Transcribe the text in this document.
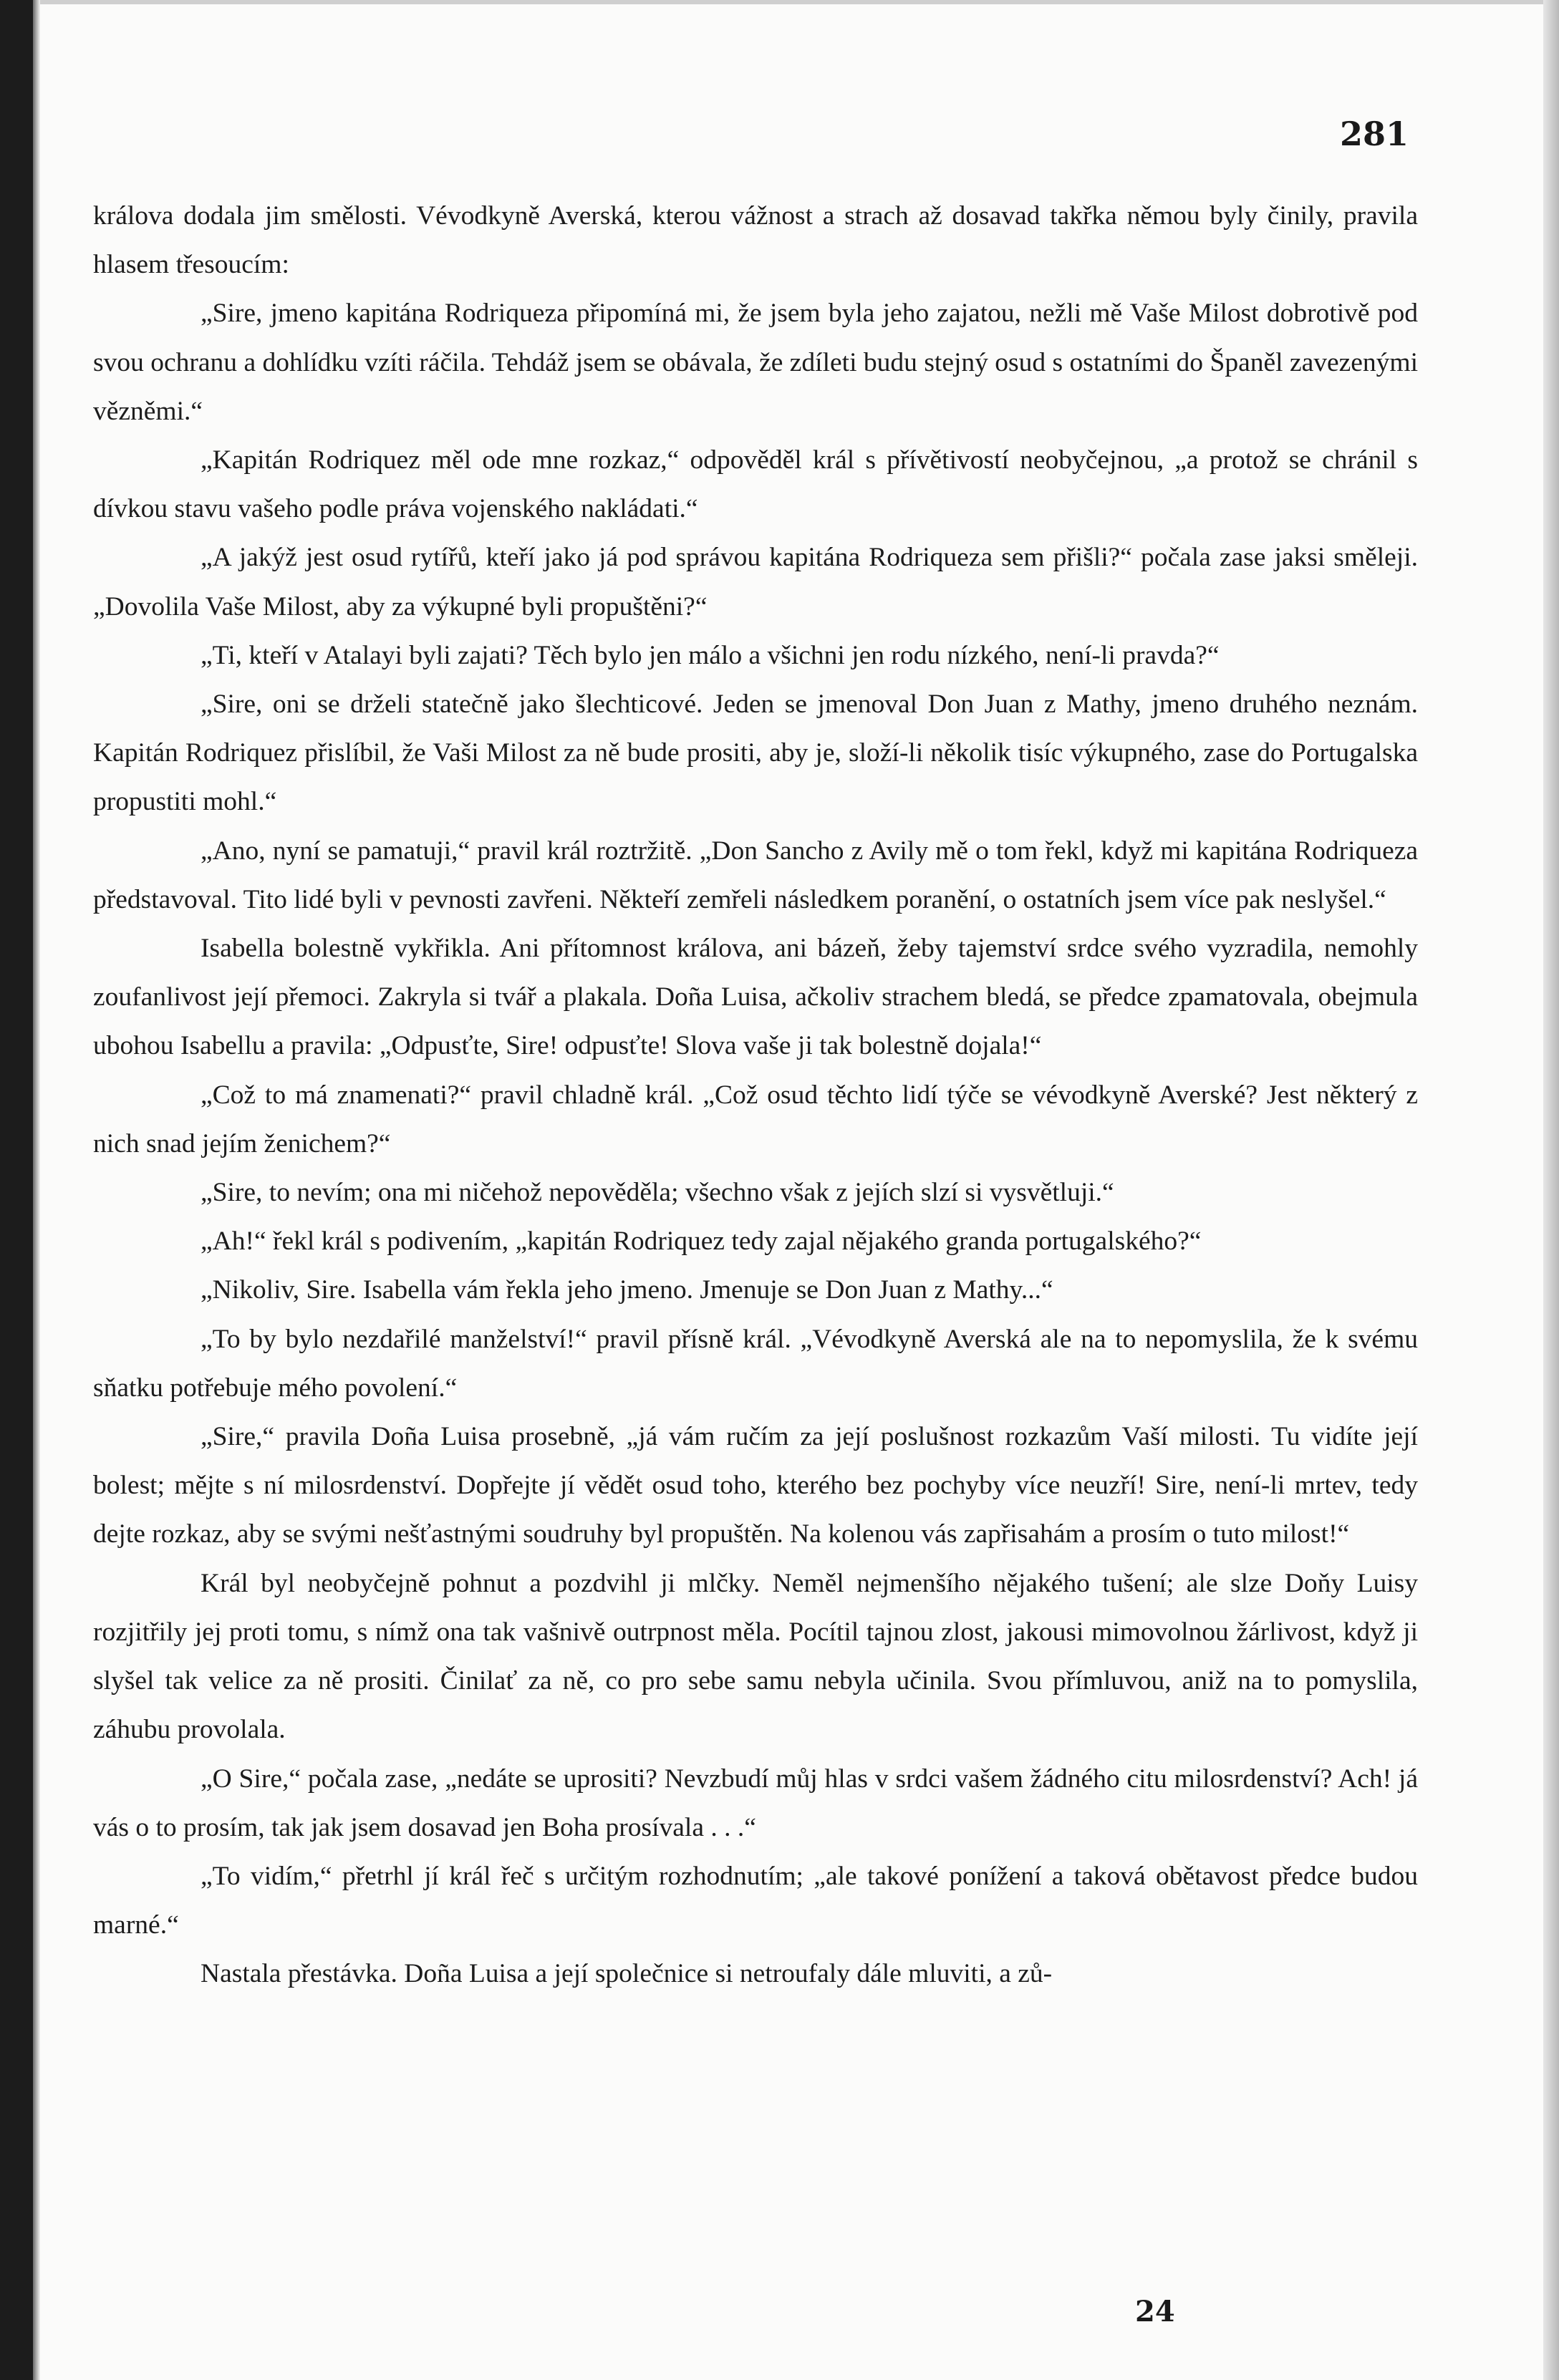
281

králova dodala jim smělosti. Vévodkyně Averská, kterou vážnost a strach až dosavad takřka němou byly činily, pravila hlasem třesoucím:

„Sire, jmeno kapitána Rodriqueza připomíná mi, že jsem byla jeho zajatou, nežli mě Vaše Milost dobrotivě pod svou ochranu a dohlídku vzíti ráčila. Tehdáž jsem se obávala, že zdíleti budu stejný osud s ostatními do Španěl zavezenými vězněmi.“

„Kapitán Rodriquez měl ode mne rozkaz,“ odpověděl král s přívětivostí neobyčejnou, „a protož se chránil s dívkou stavu vašeho podle práva vojenského nakládati.“

„A jakýž jest osud rytířů, kteří jako já pod správou kapitána Rodriqueza sem přišli?“ počala zase jaksi směleji. „Dovolila Vaše Milost, aby za výkupné byli propuštěni?“

„Ti, kteří v Atalayi byli zajati? Těch bylo jen málo a všichni jen rodu nízkého, není-li pravda?“

„Sire, oni se drželi statečně jako šlechticové. Jeden se jmenoval Don Juan z Mathy, jmeno druhého neznám. Kapitán Rodriquez přislíbil, že Vaši Milost za ně bude prositi, aby je, složí-li několik tisíc výkupného, zase do Portugalska propustiti mohl.“

„Ano, nyní se pamatuji,“ pravil král roztržitě. „Don Sancho z Avily mě o tom řekl, když mi kapitána Rodriqueza představoval. Tito lidé byli v pevnosti zavřeni. Někteří zemřeli následkem poranění, o ostatních jsem více pak neslyšel.“

Isabella bolestně vykřikla. Ani přítomnost králova, ani bázeň, žeby tajemství srdce svého vyzradila, nemohly zoufanlivost její přemoci. Zakryla si tvář a plakala. Doña Luisa, ačkoliv strachem bledá, se předce zpamatovala, obejmula ubohou Isabellu a pravila: „Odpusťte, Sire! odpusťte! Slova vaše ji tak bolestně dojala!“

„Což to má znamenati?“ pravil chladně král. „Což osud těchto lidí týče se vévodkyně Averské? Jest některý z nich snad jejím ženichem?“

„Sire, to nevím; ona mi ničehož nepověděla; všechno však z jejích slzí si vysvětluji.“

„Ah!“ řekl král s podivením, „kapitán Rodriquez tedy zajal nějakého granda portugalského?“

„Nikoliv, Sire. Isabella vám řekla jeho jmeno. Jmenuje se Don Juan z Mathy...“

„To by bylo nezdařilé manželství!“ pravil přísně král. „Vévodkyně Averská ale na to nepomyslila, že k svému sňatku potřebuje mého povolení.“

„Sire,“ pravila Doña Luisa prosebně, „já vám ručím za její poslušnost rozkazům Vaší milosti. Tu vidíte její bolest; mějte s ní milosrdenství. Dopřejte jí vědět osud toho, kterého bez pochyby více neuzří! Sire, není-li mrtev, tedy dejte rozkaz, aby se svými nešťastnými soudruhy byl propuštěn. Na kolenou vás zapřisahám a prosím o tuto milost!“

Král byl neobyčejně pohnut a pozdvihl ji mlčky. Neměl nejmenšího nějakého tušení; ale slze Doňy Luisy rozjitřily jej proti tomu, s nímž ona tak vašnivě outrpnost měla. Pocítil tajnou zlost, jakousi mimovolnou žárlivost, když ji slyšel tak velice za ně prositi. Činilať za ně, co pro sebe samu nebyla učinila. Svou přímluvou, aniž na to pomyslila, záhubu provolala.

„O Sire,“ počala zase, „nedáte se uprositi? Nevzbudí můj hlas v srdci vašem žádného citu milosrdenství? Ach! já vás o to prosím, tak jak jsem dosavad jen Boha prosívala . . .“

„To vidím,“ přetrhl jí král řeč s určitým rozhodnutím; „ale takové ponížení a taková obětavost předce budou marné.“

Nastala přestávka. Doña Luisa a její společnice si netroufaly dále mluviti, a zů-

24
